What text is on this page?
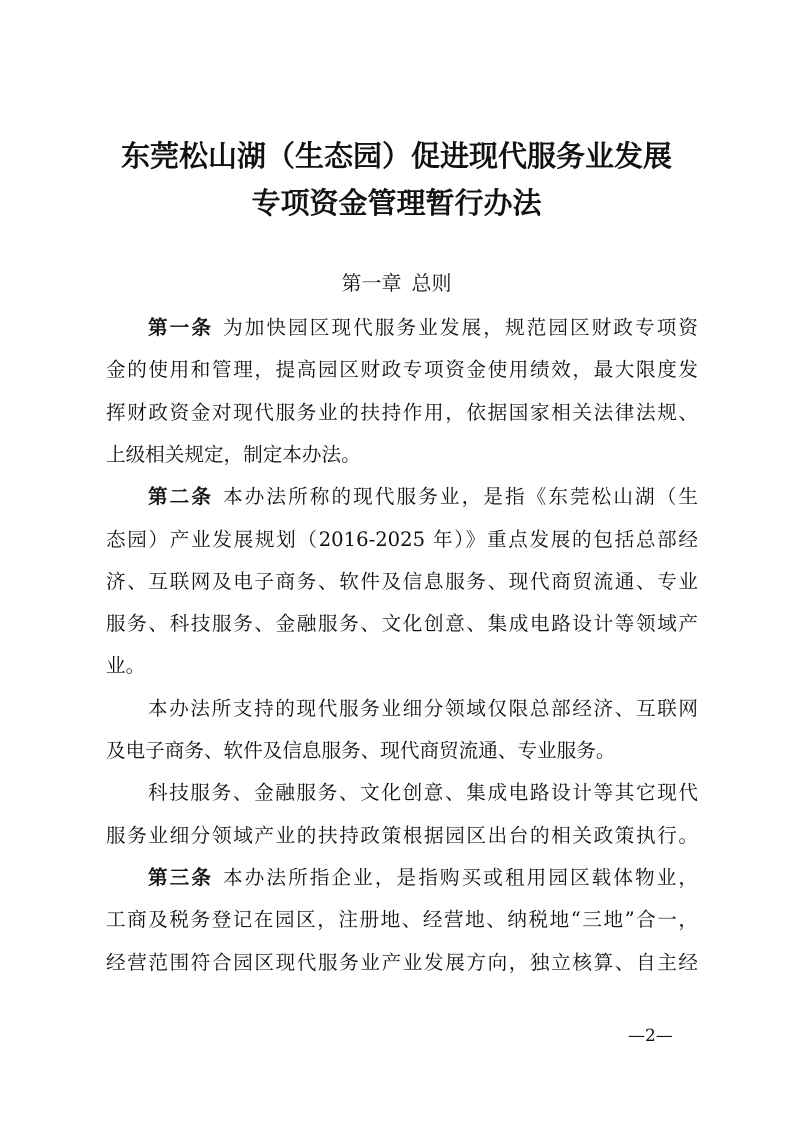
东莞松山湖（生态园）促进现代服务业发展
专项资金管理暂行办法
第一章 总则
第一条 为加快园区现代服务业发展，规范园区财政专项资
金的使用和管理，提高园区财政专项资金使用绩效，最大限度发
挥财政资金对现代服务业的扶持作用，依据国家相关法律法规、
上级相关规定，制定本办法。
第二条 本办法所称的现代服务业，是指《东莞松山湖（生
态园）产业发展规划（2016-2025 年）》重点发展的包括总部经
济、互联网及电子商务、软件及信息服务、现代商贸流通、专业
服务、科技服务、金融服务、文化创意、集成电路设计等领域产
业。
本办法所支持的现代服务业细分领域仅限总部经济、互联网
及电子商务、软件及信息服务、现代商贸流通、专业服务。
科技服务、金融服务、文化创意、集成电路设计等其它现代
服务业细分领域产业的扶持政策根据园区出台的相关政策执行。
第三条 本办法所指企业，是指购买或租用园区载体物业，
工商及税务登记在园区，注册地、经营地、纳税地“三地”合一，
经营范围符合园区现代服务业产业发展方向，独立核算、自主经
—2—
